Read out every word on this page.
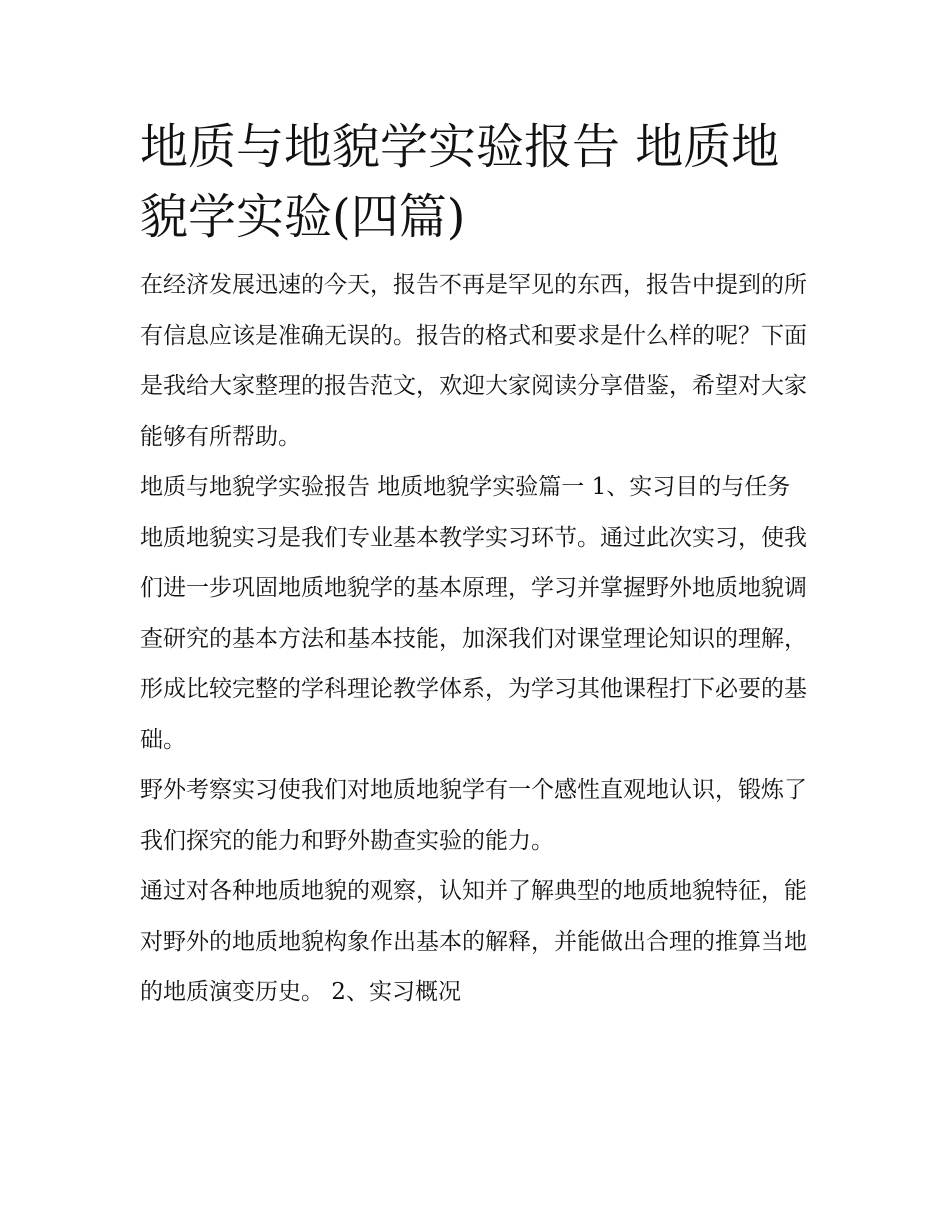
地质与地貌学实验报告 地质地貌学实验(四篇)

在经济发展迅速的今天，报告不再是罕见的东西，报告中提到的所有信息应该是准确无误的。报告的格式和要求是什么样的呢？下面是我给大家整理的报告范文，欢迎大家阅读分享借鉴，希望对大家能够有所帮助。

地质与地貌学实验报告 地质地貌学实验篇一 1、实习目的与任务

地质地貌实习是我们专业基本教学实习环节。通过此次实习，使我们进一步巩固地质地貌学的基本原理，学习并掌握野外地质地貌调查研究的基本方法和基本技能，加深我们对课堂理论知识的理解，形成比较完整的学科理论教学体系，为学习其他课程打下必要的基础。

野外考察实习使我们对地质地貌学有一个感性直观地认识，锻炼了我们探究的能力和野外勘查实验的能力。

通过对各种地质地貌的观察，认知并了解典型的地质地貌特征，能对野外的地质地貌构象作出基本的解释，并能做出合理的推算当地的地质演变历史。 2、实习概况
